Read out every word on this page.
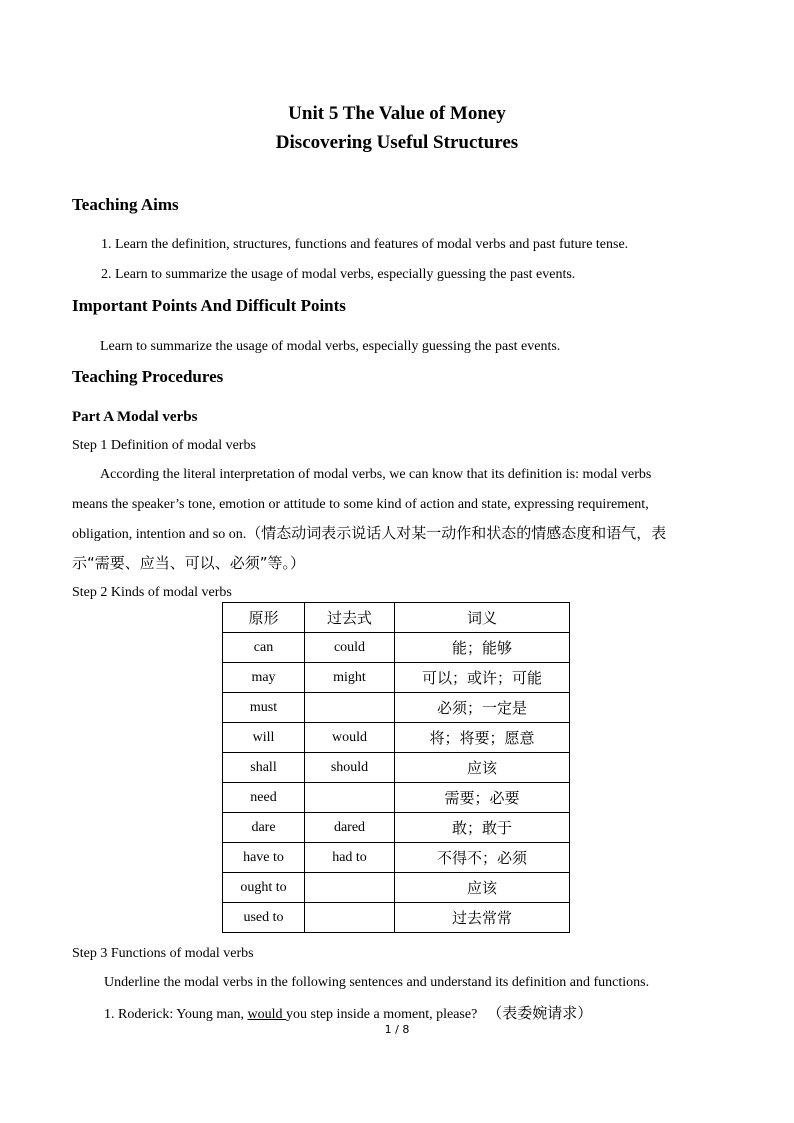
Unit 5 The Value of Money
Discovering Useful Structures
Teaching Aims
1. Learn the definition, structures, functions and features of modal verbs and past future tense.
2. Learn to summarize the usage of modal verbs, especially guessing the past events.
Important Points And Difficult Points
Learn to summarize the usage of modal verbs, especially guessing the past events.
Teaching Procedures
Part A Modal verbs
Step 1 Definition of modal verbs
According the literal interpretation of modal verbs, we can know that its definition is: modal verbs
means the speaker’s tone, emotion or attitude to some kind of action and state, expressing requirement,
obligation, intention and so on.（情态动词表示说话人对某一动作和状态的情感态度和语气，表
示“需要、应当、可以、必须”等。）
Step 2 Kinds of modal verbs
原形	过去式	词义
can	could	能；能够
may	might	可以；或许；可能
must		必须；一定是
will	would	将；将要；愿意
shall	should	应该
need		需要；必要
dare	dared	敢；敢于
have to	had to	不得不；必须
ought to		应该
used to		过去常常
Step 3 Functions of modal verbs
Underline the modal verbs in the following sentences and understand its definition and functions.
1. Roderick: Young man, would you step inside a moment, please? （表委婉请求）
1 / 8
